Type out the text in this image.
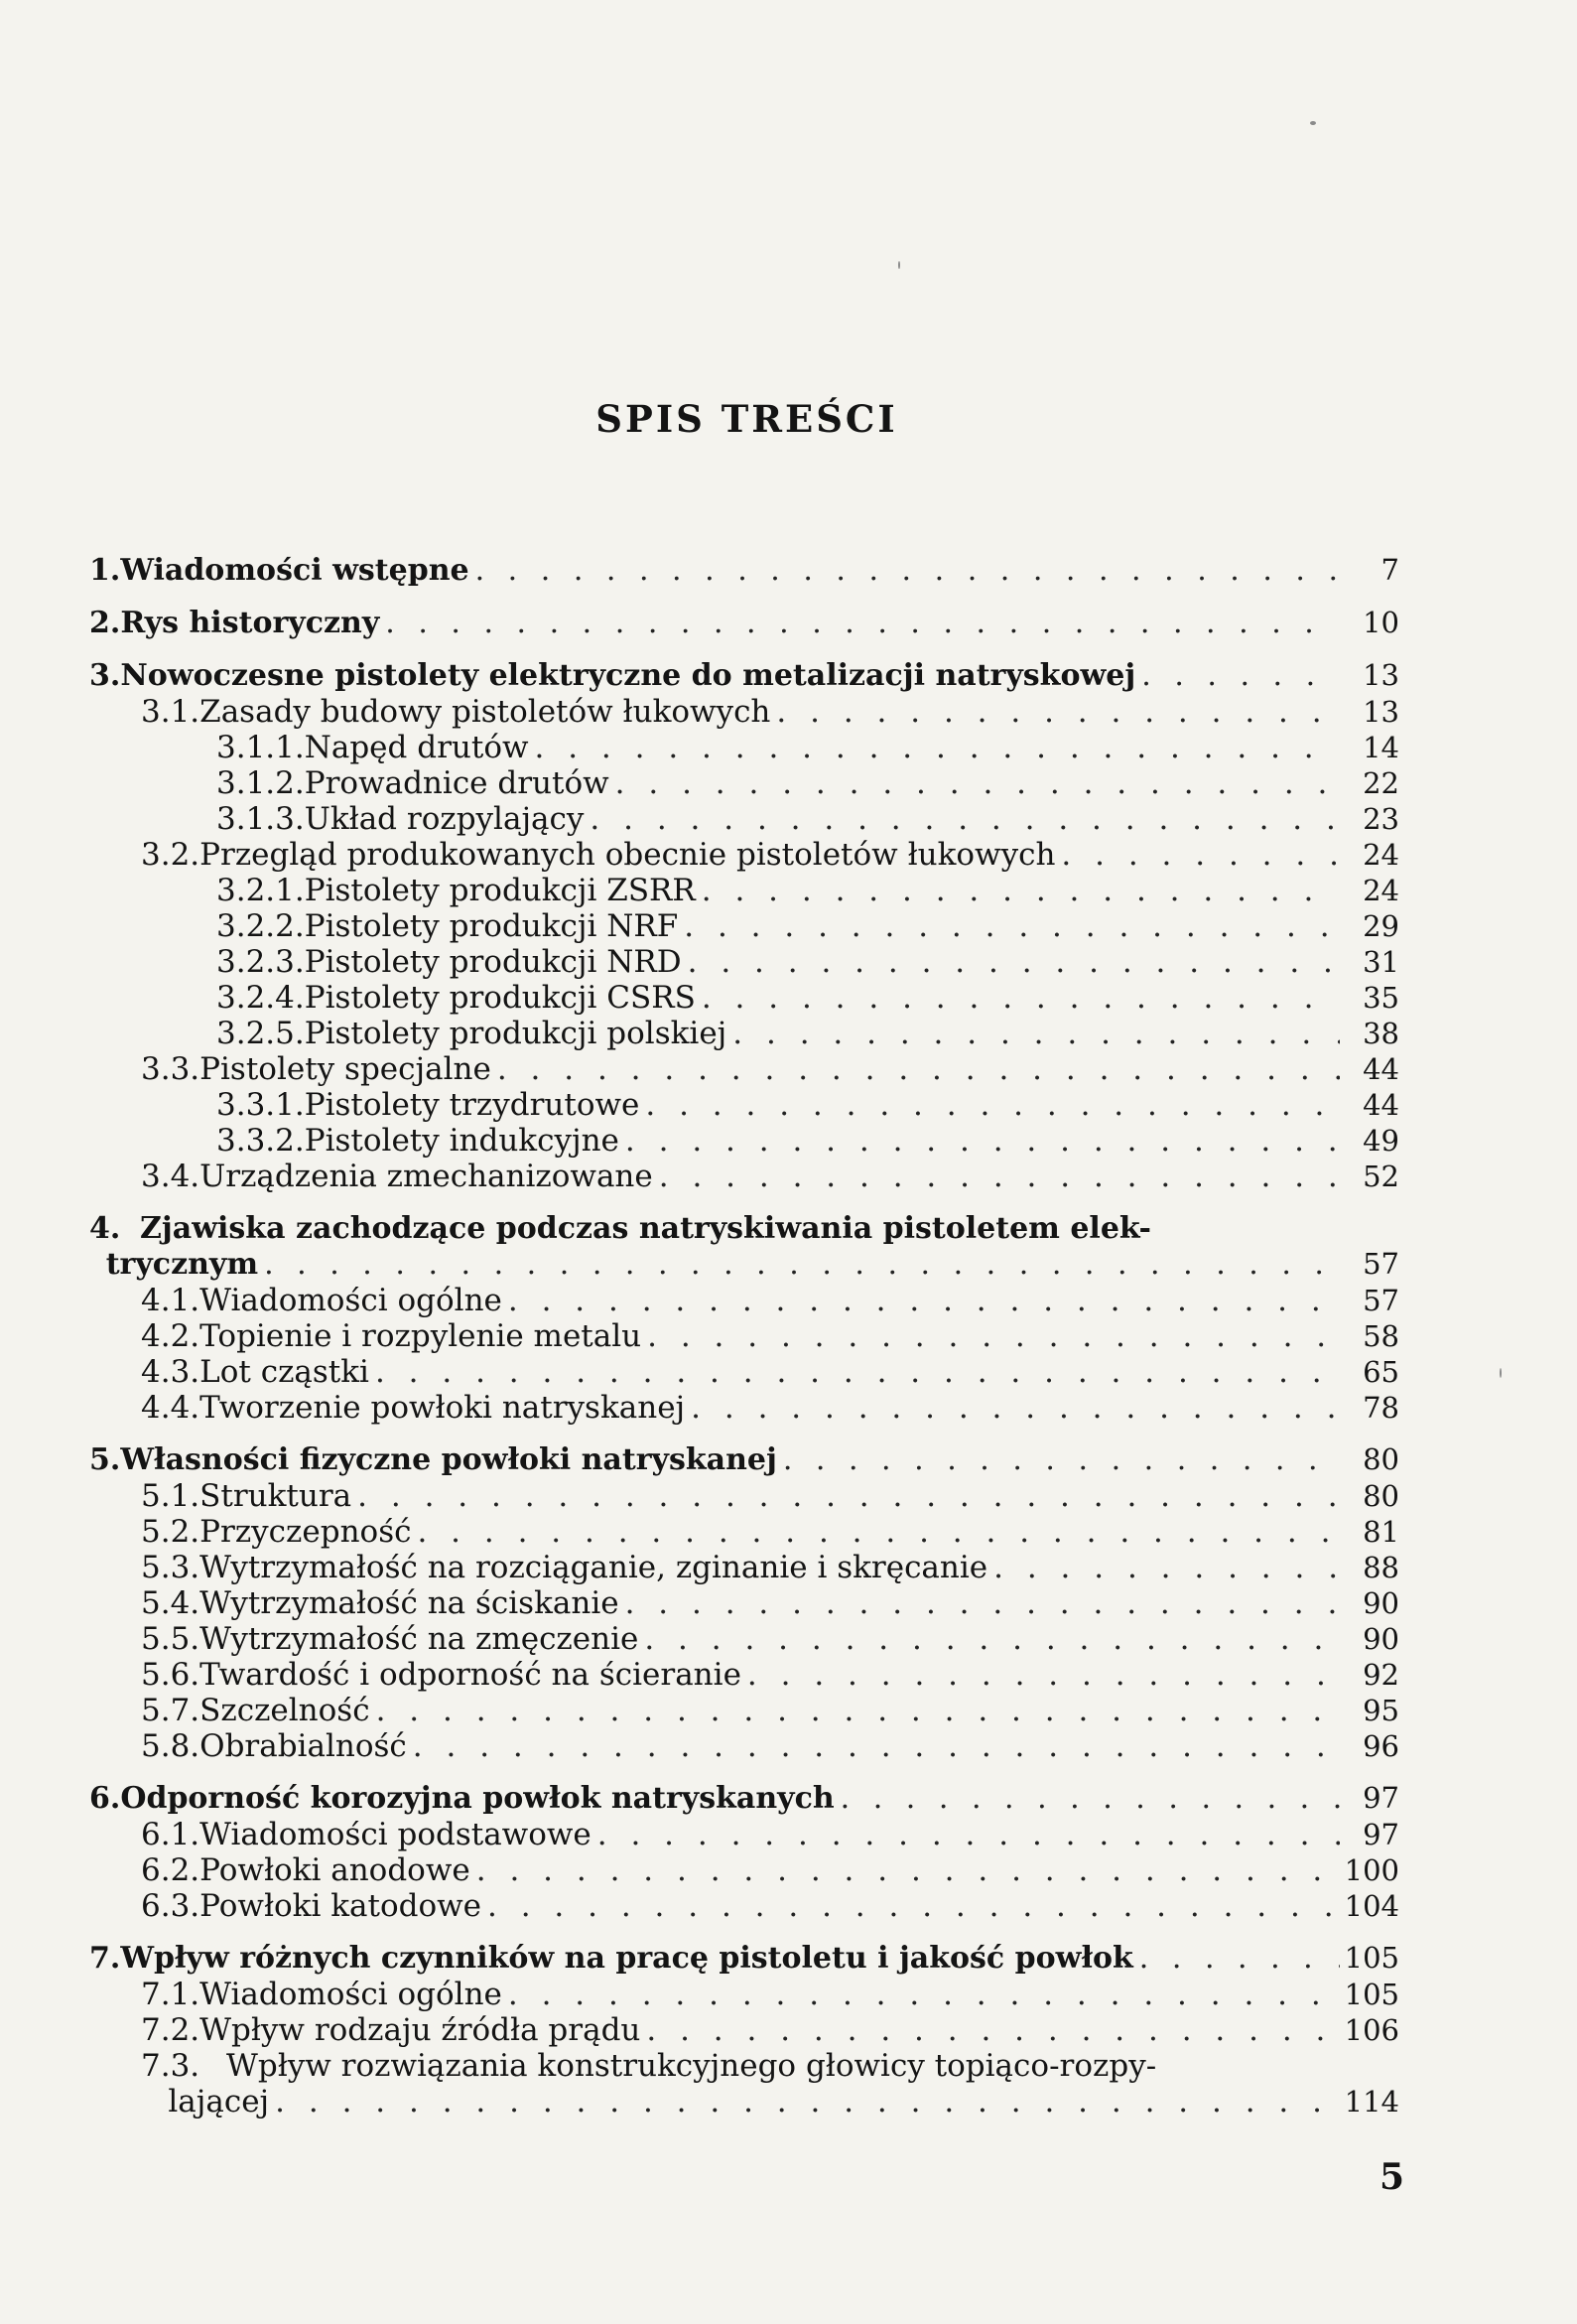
SPIS TREŚCI
1. Wiadomości wstępne . . .	7
2. Rys historyczny . . .	10
3. Nowoczesne pistolety elektryczne do metalizacji natryskowej . . .	13
3.1. Zasady budowy pistoletów łukowych . . .	13
3.1.1. Napęd drutów . . .	14
3.1.2. Prowadnice drutów . . .	22
3.1.3. Układ rozpylający . . .	23
3.2. Przegląd produkowanych obecnie pistoletów łukowych . . .	24
3.2.1. Pistolety produkcji ZSRR . . .	24
3.2.2. Pistolety produkcji NRF . . .	29
3.2.3. Pistolety produkcji NRD . . .	31
3.2.4. Pistolety produkcji CSRS . . .	35
3.2.5. Pistolety produkcji polskiej . . .	38
3.3. Pistolety specjalne . . .	44
3.3.1. Pistolety trzydrutowe . . .	44
3.3.2. Pistolety indukcyjne . . .	49
3.4. Urządzenia zmechanizowane . . .	52
4. Zjawiska zachodzące podczas natryskiwania pistoletem elek-
trycznym . . .	57
4.1. Wiadomości ogólne . . .	57
4.2. Topienie i rozpylenie metalu . . .	58
4.3. Lot cząstki . . .	65
4.4. Tworzenie powłoki natryskanej . . .	78
5. Własności fizyczne powłoki natryskanej . . .	80
5.1. Struktura . . .	80
5.2. Przyczepność . . .	81
5.3. Wytrzymałość na rozciąganie, zginanie i skręcanie . . .	88
5.4. Wytrzymałość na ściskanie . . .	90
5.5. Wytrzymałość na zmęczenie . . .	90
5.6. Twardość i odporność na ścieranie . . .	92
5.7. Szczelność . . .	95
5.8. Obrabialność . . .	96
6. Odporność korozyjna powłok natryskanych . . .	97
6.1. Wiadomości podstawowe . . .	97
6.2. Powłoki anodowe . . .	100
6.3. Powłoki katodowe . . .	104
7. Wpływ różnych czynników na pracę pistoletu i jakość powłok . . .	105
7.1. Wiadomości ogólne . . .	105
7.2. Wpływ rodzaju źródła prądu . . .	106
7.3. Wpływ rozwiązania konstrukcyjnego głowicy topiąco-rozpy-
lającej . . .	114
5
